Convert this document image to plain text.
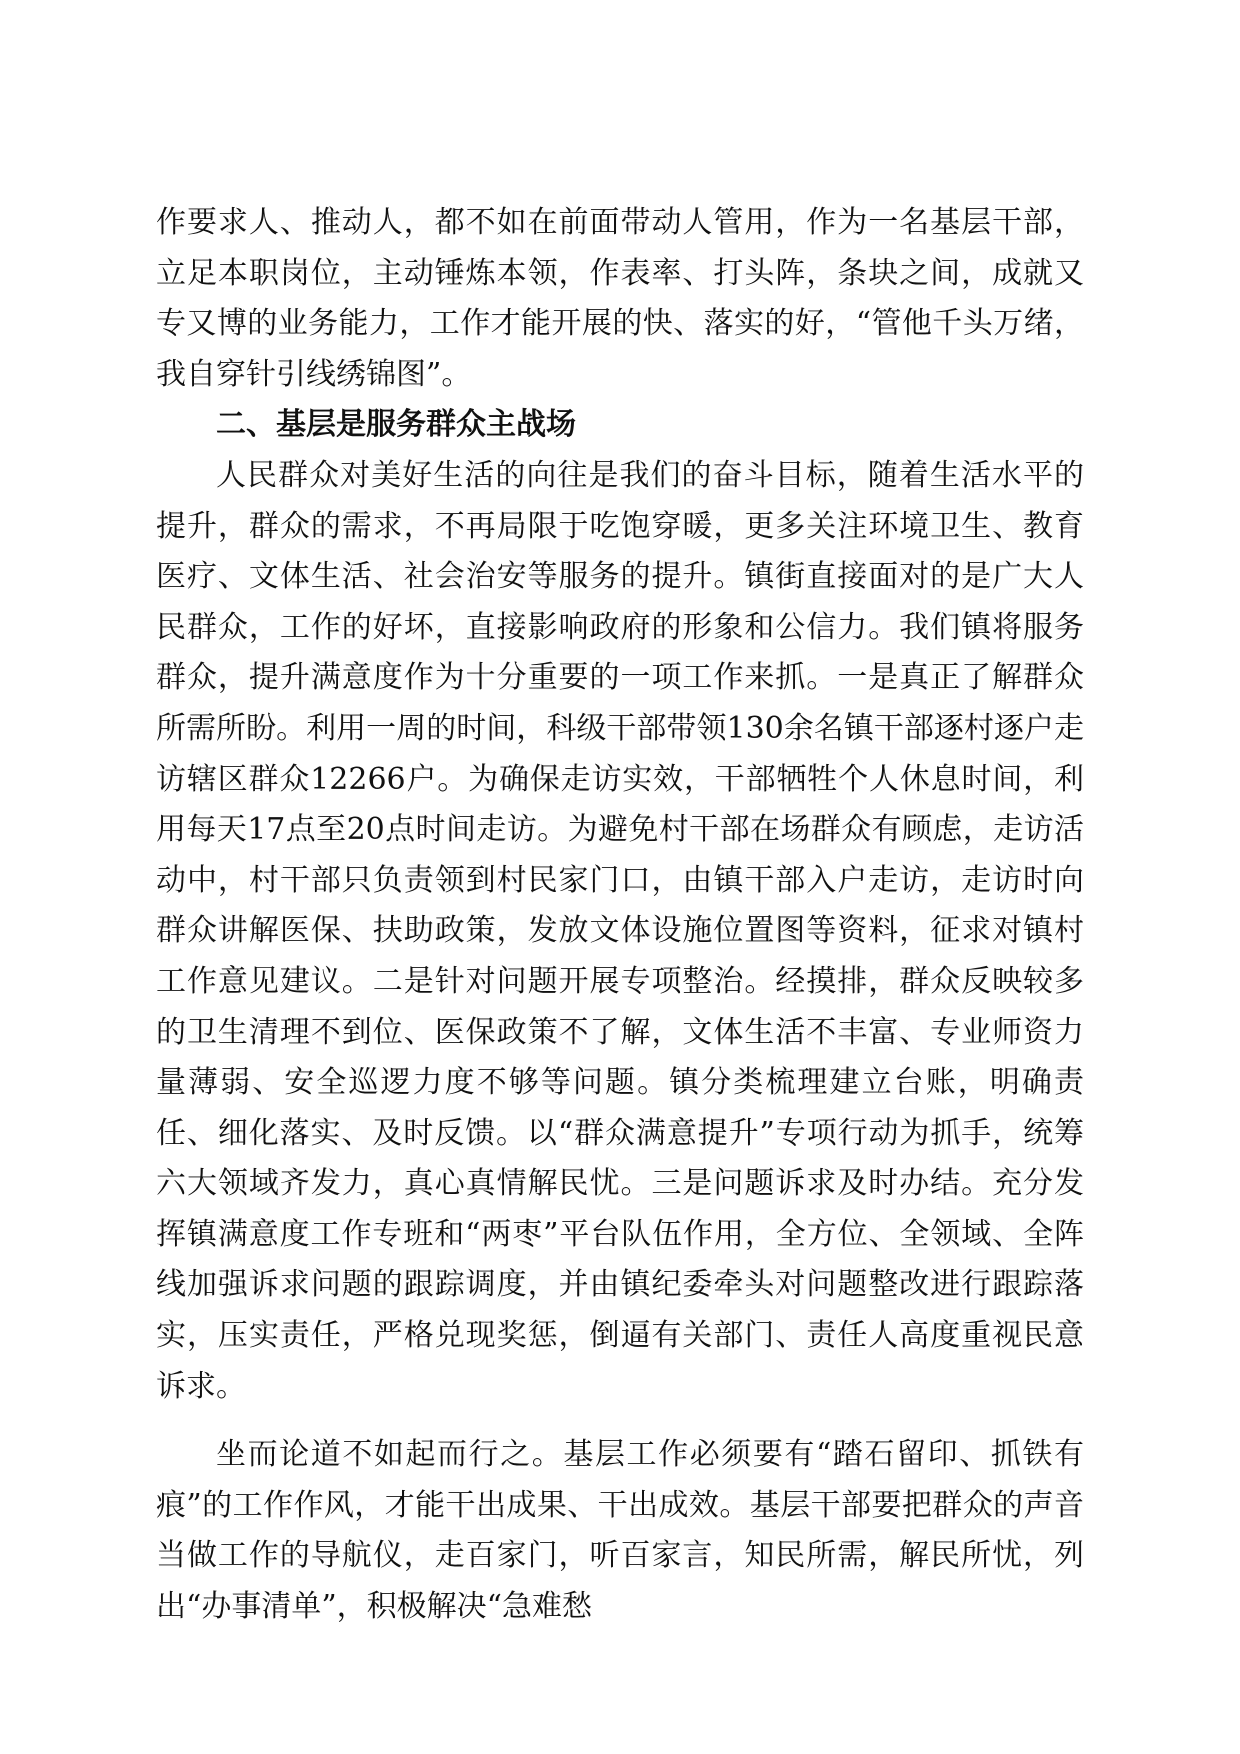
作要求人、推动人，都不如在前面带动人管用，作为一名基层干部，立足本职岗位，主动锤炼本领，作表率、打头阵，条块之间，成就又专又博的业务能力，工作才能开展的快、落实的好，“管他千头万绪，我自穿针引线绣锦图”。

二、基层是服务群众主战场

人民群众对美好生活的向往是我们的奋斗目标，随着生活水平的提升，群众的需求，不再局限于吃饱穿暖，更多关注环境卫生、教育医疗、文体生活、社会治安等服务的提升。镇街直接面对的是广大人民群众，工作的好坏，直接影响政府的形象和公信力。我们镇将服务群众，提升满意度作为十分重要的一项工作来抓。一是真正了解群众所需所盼。利用一周的时间，科级干部带领130余名镇干部逐村逐户走访辖区群众12266户。为确保走访实效，干部牺牲个人休息时间，利用每天17点至20点时间走访。为避免村干部在场群众有顾虑，走访活动中，村干部只负责领到村民家门口，由镇干部入户走访，走访时向群众讲解医保、扶助政策，发放文体设施位置图等资料，征求对镇村工作意见建议。二是针对问题开展专项整治。经摸排，群众反映较多的卫生清理不到位、医保政策不了解，文体生活不丰富、专业师资力量薄弱、安全巡逻力度不够等问题。镇分类梳理建立台账，明确责任、细化落实、及时反馈。以“群众满意提升”专项行动为抓手，统筹六大领域齐发力，真心真情解民忧。三是问题诉求及时办结。充分发挥镇满意度工作专班和“两枣”平台队伍作用，全方位、全领域、全阵线加强诉求问题的跟踪调度，并由镇纪委牵头对问题整改进行跟踪落实，压实责任，严格兑现奖惩，倒逼有关部门、责任人高度重视民意诉求。

坐而论道不如起而行之。基层工作必须要有“踏石留印、抓铁有痕”的工作作风，才能干出成果、干出成效。基层干部要把群众的声音当做工作的导航仪，走百家门，听百家言，知民所需，解民所忧，列出“办事清单”，积极解决“急难愁
